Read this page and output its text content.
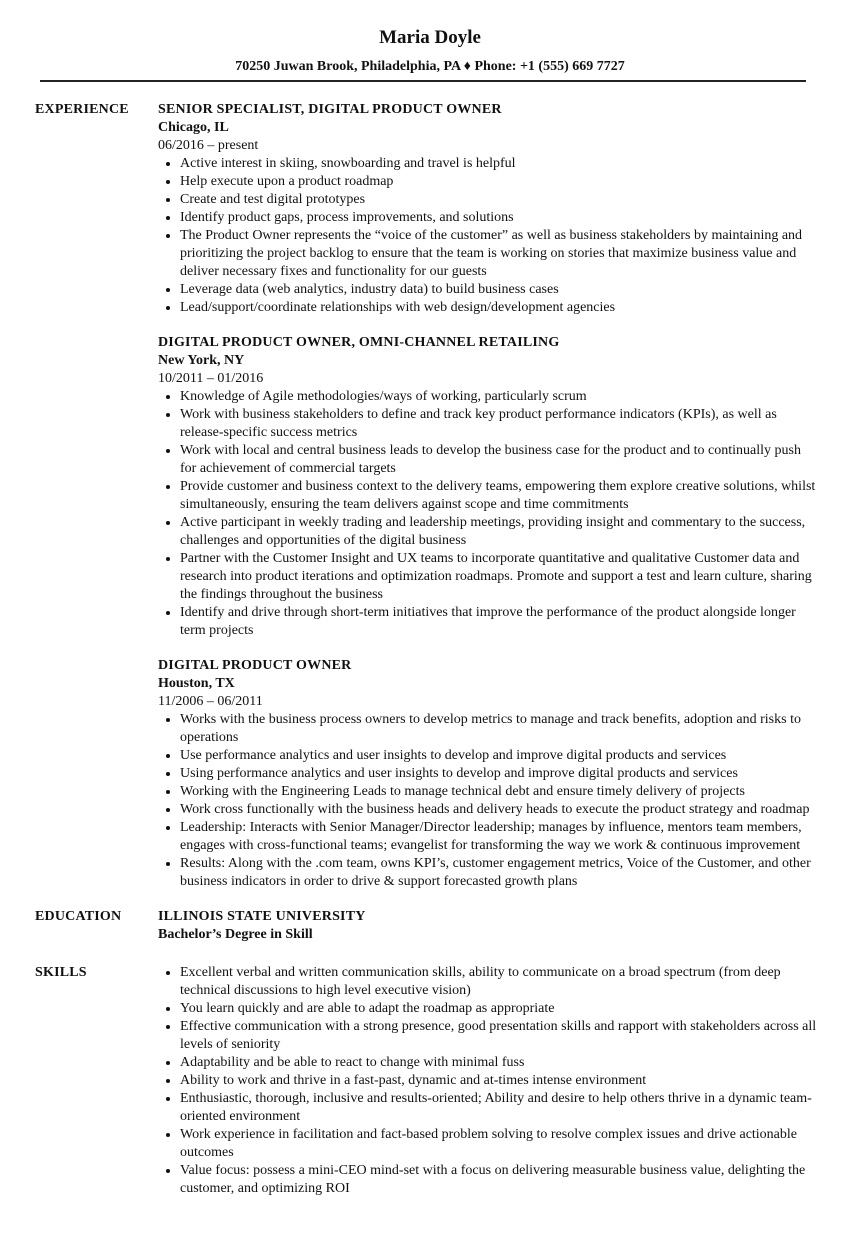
Maria Doyle
70250 Juwan Brook, Philadelphia, PA ♦ Phone: +1 (555) 669 7727
EXPERIENCE SENIOR SPECIALIST, DIGITAL PRODUCT OWNER
Chicago, IL
06/2016 – present
• Active interest in skiing, snowboarding and travel is helpful
• Help execute upon a product roadmap
• Create and test digital prototypes
• Identify product gaps, process improvements, and solutions
• The Product Owner represents the “voice of the customer” as well as business stakeholders by maintaining and prioritizing the project backlog to ensure that the team is working on stories that maximize business value and deliver necessary fixes and functionality for our guests
• Leverage data (web analytics, industry data) to build business cases
• Lead/support/coordinate relationships with web design/development agencies
DIGITAL PRODUCT OWNER, OMNI-CHANNEL RETAILING
New York, NY
10/2011 – 01/2016
• Knowledge of Agile methodologies/ways of working, particularly scrum
• Work with business stakeholders to define and track key product performance indicators (KPIs), as well as release-specific success metrics
• Work with local and central business leads to develop the business case for the product and to continually push for achievement of commercial targets
• Provide customer and business context to the delivery teams, empowering them explore creative solutions, whilst simultaneously, ensuring the team delivers against scope and time commitments
• Active participant in weekly trading and leadership meetings, providing insight and commentary to the success, challenges and opportunities of the digital business
• Partner with the Customer Insight and UX teams to incorporate quantitative and qualitative Customer data and research into product iterations and optimization roadmaps. Promote and support a test and learn culture, sharing the findings throughout the business
• Identify and drive through short-term initiatives that improve the performance of the product alongside longer term projects
DIGITAL PRODUCT OWNER
Houston, TX
11/2006 – 06/2011
• Works with the business process owners to develop metrics to manage and track benefits, adoption and risks to operations
• Use performance analytics and user insights to develop and improve digital products and services
• Using performance analytics and user insights to develop and improve digital products and services
• Working with the Engineering Leads to manage technical debt and ensure timely delivery of projects
• Work cross functionally with the business heads and delivery heads to execute the product strategy and roadmap
• Leadership: Interacts with Senior Manager/Director leadership; manages by influence, mentors team members, engages with cross-functional teams; evangelist for transforming the way we work & continuous improvement
• Results: Along with the .com team, owns KPI’s, customer engagement metrics, Voice of the Customer, and other business indicators in order to drive & support forecasted growth plans
EDUCATION	ILLINOIS STATE UNIVERSITY
Bachelor’s Degree in Skill
SKILLS
•	Excellent verbal and written communication skills, ability to communicate on a broad spectrum (from deep technical discussions to high level executive vision)
• You learn quickly and are able to adapt the roadmap as appropriate
• Effective communication with a strong presence, good presentation skills and rapport with stakeholders across all levels of seniority
• Adaptability and be able to react to change with minimal fuss
• Ability to work and thrive in a fast-past, dynamic and at-times intense environment
• Enthusiastic, thorough, inclusive and results-oriented; Ability and desire to help others thrive in a dynamic team-oriented environment
• Work experience in facilitation and fact-based problem solving to resolve complex issues and drive actionable outcomes
• Value focus: possess a mini-CEO mind-set with a focus on delivering measurable business value, delighting the customer, and optimizing ROI
